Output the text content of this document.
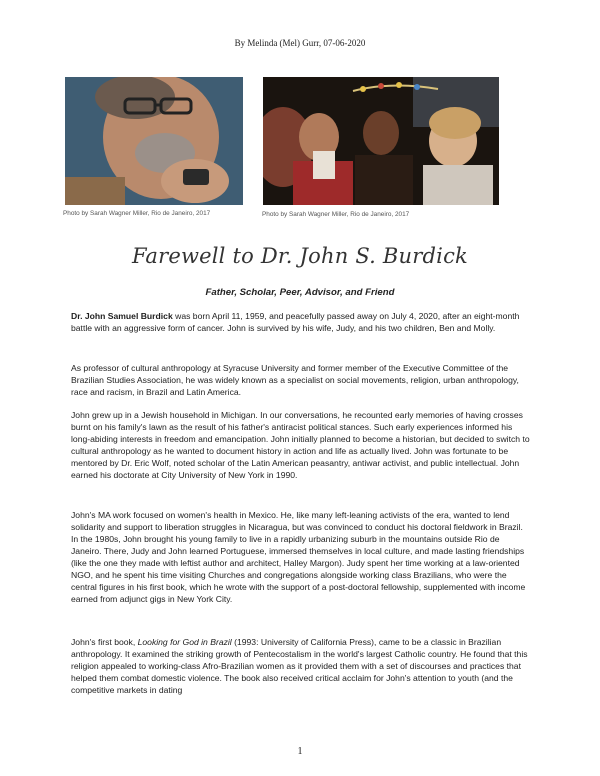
By Melinda (Mel) Gurr, 07-06-2020
Photo by Sarah Wagner Miller, Rio de Janeiro, 2017	Photo by Sarah Wagner Miller, Rio de Janeiro, 2017
Farewell to Dr. John S. Burdick
Father, Scholar, Peer, Advisor, and Friend

Dr. John Samuel Burdick was born April 11, 1959, and peacefully passed away on July 4, 2020, after an eight-month battle with an aggressive form of cancer. John is survived by his wife, Judy, and his two children, Ben and Molly.

As professor of cultural anthropology at Syracuse University and former member of the Executive Committee of the Brazilian Studies Association, he was widely known as a specialist on social movements, religion, urban anthropology, race and racism, in Brazil and Latin America.

John grew up in a Jewish household in Michigan. In our conversations, he recounted early memories of having crosses burnt on his family's lawn as the result of his father's antiracist political stances. Such early experiences informed his long-abiding interests in freedom and emancipation. John initially planned to become a historian, but decided to switch to cultural anthropology as he wanted to document history in action and life as actually lived. John was fortunate to be mentored by Dr. Eric Wolf, noted scholar of the Latin American peasantry, antiwar activist, and public intellectual. John earned his doctorate at City University of New York in 1990.

John's MA work focused on women's health in Mexico. He, like many left-leaning activists of the era, wanted to lend solidarity and support to liberation struggles in Nicaragua, but was convinced to conduct his doctoral fieldwork in Brazil. In the 1980s, John brought his young family to live in a rapidly urbanizing suburb in the mountains outside Rio de Janeiro. There, Judy and John learned Portuguese, immersed themselves in local culture, and made lasting friendships (like the one they made with leftist author and architect, Halley Margon). Judy spent her time working at a law-oriented NGO, and he spent his time visiting Churches and congregations alongside working class Brazilians, who were the central figures in his first book, which he wrote with the support of a post-doctoral fellowship, supplemented with income earned from adjunct gigs in New York City.

John's first book, Looking for God in Brazil (1993: University of California Press), came to be a classic in Brazilian anthropology. It examined the striking growth of Pentecostalism in the world's largest Catholic country. He found that this religion appealed to working-class Afro-Brazilian women as it provided them with a set of discourses and practices that helped them combat domestic violence. The book also received critical acclaim for John's attention to youth (and the competitive markets in dating

1
